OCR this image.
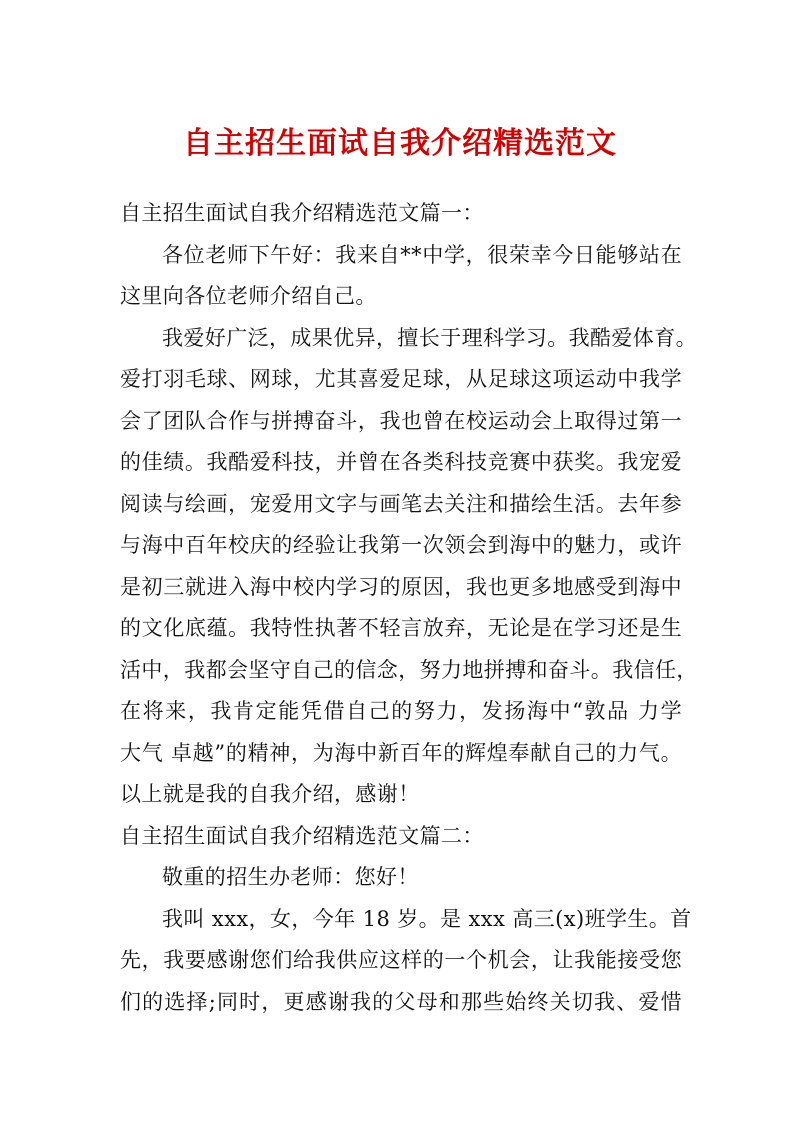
自主招生面试自我介绍精选范文
自主招生面试自我介绍精选范文篇一：
各位老师下午好：我来自**中学，很荣幸今日能够站在
这里向各位老师介绍自己。
我爱好广泛，成果优异，擅长于理科学习。我酷爱体育。
爱打羽毛球、网球，尤其喜爱足球，从足球这项运动中我学
会了团队合作与拼搏奋斗，我也曾在校运动会上取得过第一
的佳绩。我酷爱科技，并曾在各类科技竞赛中获奖。我宠爱
阅读与绘画，宠爱用文字与画笔去关注和描绘生活。去年参
与海中百年校庆的经验让我第一次领会到海中的魅力，或许
是初三就进入海中校内学习的原因，我也更多地感受到海中
的文化底蕴。我特性执著不轻言放弃，无论是在学习还是生
活中，我都会坚守自己的信念，努力地拼搏和奋斗。我信任，
在将来，我肯定能凭借自己的努力，发扬海中“敦品 力学
大气 卓越”的精神，为海中新百年的辉煌奉献自己的力气。
以上就是我的自我介绍，感谢！
自主招生面试自我介绍精选范文篇二：
敬重的招生办老师：您好！
我叫 xxx，女，今年 18 岁。是 xxx 高三(x)班学生。首
先，我要感谢您们给我供应这样的一个机会，让我能接受您
们的选择;同时，更感谢我的父母和那些始终关切我、爱惜
